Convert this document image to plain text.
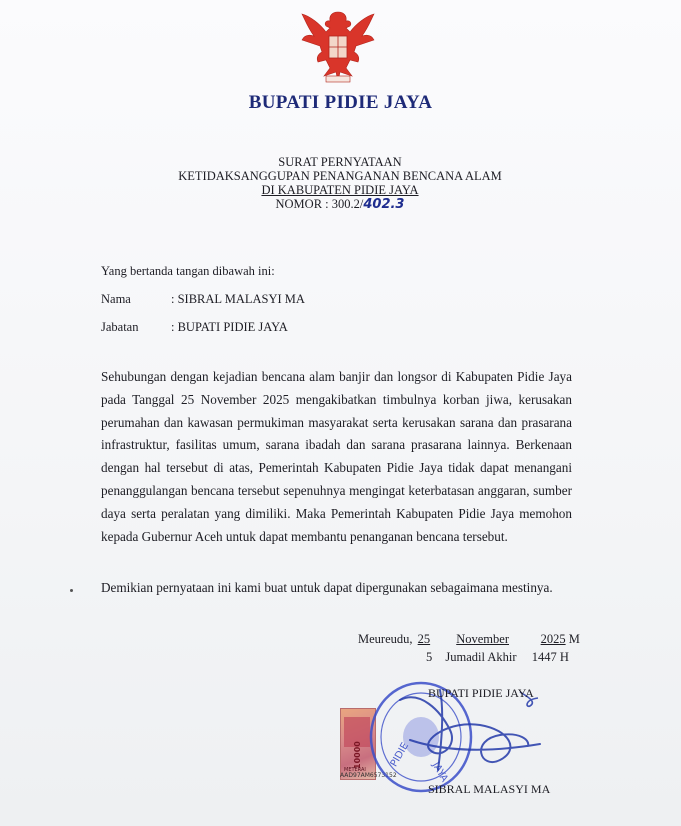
BUPATI PIDIE JAYA
SURAT PERNYATAAN
KETIDAKSANGGUPAN PENANGANAN BENCANA ALAM
DI KABUPATEN PIDIE JAYA
NOMOR : 300.2/402.3
Yang bertanda tangan dibawah ini:
Nama	: SIBRAL MALASYI MA
Jabatan	: BUPATI PIDIE JAYA
Sehubungan dengan kejadian bencana alam banjir dan longsor di Kabupaten Pidie Jaya pada Tanggal 25 November 2025 mengakibatkan timbulnya korban jiwa, kerusakan perumahan dan kawasan permukiman masyarakat serta kerusakan sarana dan prasarana infrastruktur, fasilitas umum, sarana ibadah dan sarana prasarana lainnya. Berkenaan dengan hal tersebut di atas, Pemerintah Kabupaten Pidie Jaya tidak dapat menangani penanggulangan bencana tersebut sepenuhnya mengingat keterbatasan anggaran, sumber daya serta peralatan yang dimiliki. Maka Pemerintah Kabupaten Pidie Jaya memohon kepada Gubernur Aceh untuk dapat membantu penanganan bencana tersebut.
Demikian pernyataan ini kami buat untuk dapat dipergunakan sebagaimana mestinya.
Meureudu, 25 November	2025 M
5 Jumadil Akhir 1447 H
10000
METERAI
AAD97AM6573152
PIDIE
JAYA
BUPATI PIDIE JAYA
SIBRAL MALASYI MA
